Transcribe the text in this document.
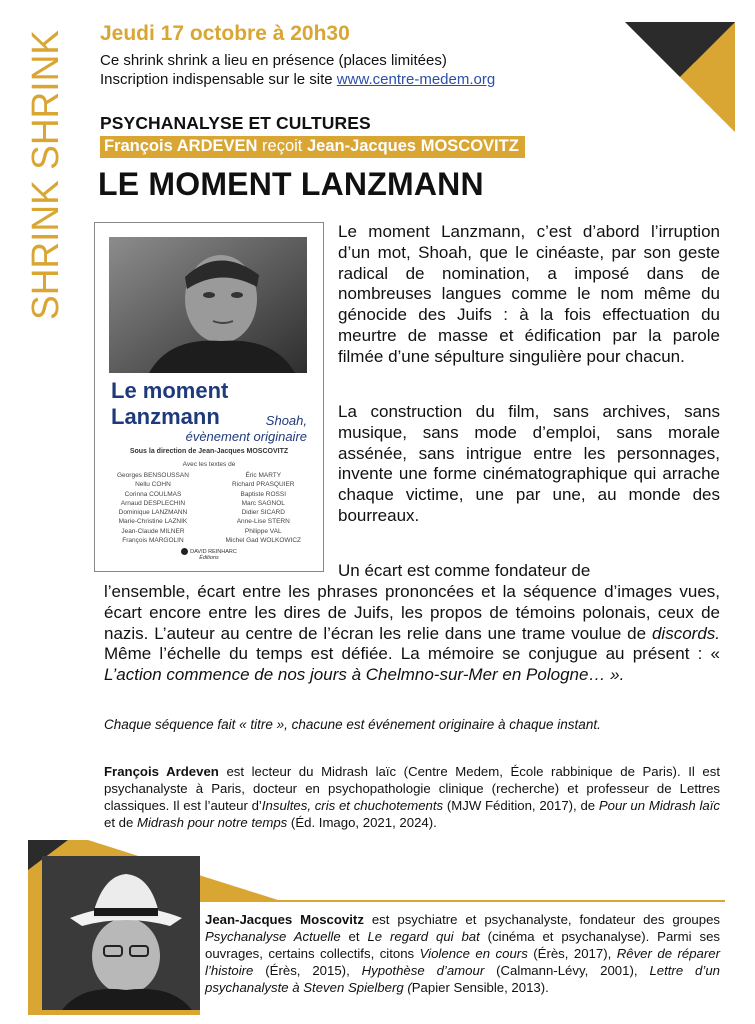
SHRINK SHRINK Jeudi 17 octobre à 20h30
Ce shrink shrink a lieu en présence (places limitées)
Inscription indispensable sur le site www.centre-medem.org
PSYCHANALYSE ET CULTURES
François ARDEVEN reçoit Jean-Jacques MOSCOVITZ
LE MOMENT LANZMANN
Le moment
Lanzmann	Shoah,
évènement originaire
Sous la direction de Jean-Jacques MOSCOVITZ
Avec les textes de
Georges BENSOUSSAN
Nellu COHN
Corinna COULMAS
Arnaud DESPLECHIN
Dominique LANZMANN
Marie-Christine LAZNIK
Jean-Claude MILNER
François MARGOLIN
Éric MARTY
Richard PRASQUIER
Baptiste ROSSI
Marc SAGNOL
Didier SICARD
Anne-Lise STERN
Philippe VAL
Michel Gad WOLKOWICZ
DAVID REINHARC
Éditions
Le moment Lanzmann, c’est d’abord l’irruption d’un mot, Shoah, que le cinéaste, par son geste radical de nomination, a imposé dans de nombreuses langues comme le nom même du génocide des Juifs : à la fois effectuation du meurtre de masse et édification par la parole filmée d’une sépulture singulière pour chacun.
La construction du film, sans archives, sans musique, sans mode d’emploi, sans morale assénée, sans intrigue entre les personnages, invente une forme cinématographique qui arrache chaque victime, une par une, au monde des bourreaux.
Un écart est comme fondateur de
l’ensemble, écart entre les phrases prononcées et la séquence d’images vues, écart encore entre les dires de Juifs, les propos de témoins polonais, ceux de nazis. L’auteur au centre de l’écran les relie dans une trame voulue de discords. Même l’échelle du temps est défiée. La mémoire se conjugue au présent : « L’action commence de nos jours à Chelmno-sur-Mer en Pologne… ».
Chaque séquence fait « titre », chacune est événement originaire à chaque instant.
François Ardeven est lecteur du Midrash laïc (Centre Medem, École rabbinique de Paris). Il est psychanalyste à Paris, docteur en psychopathologie clinique (recherche) et professeur de Lettres classiques. Il est l’auteur d’Insultes, cris et chuchotements (MJW Fédition, 2017), de Pour un Midrash laïc et de Midrash pour notre temps (Éd. Imago, 2021, 2024).
Jean-Jacques Moscovitz est psychiatre et psychanalyste, fondateur des groupes Psychanalyse Actuelle et Le regard qui bat (cinéma et psychanalyse). Parmi ses ouvrages, certains collectifs, citons Violence en cours (Érès, 2017), Rêver de réparer l’histoire (Érès, 2015), Hypothèse d’amour (Calmann-Lévy, 2001), Lettre d’un psychanalyste à Steven Spielberg (Papier Sensible, 2013).
